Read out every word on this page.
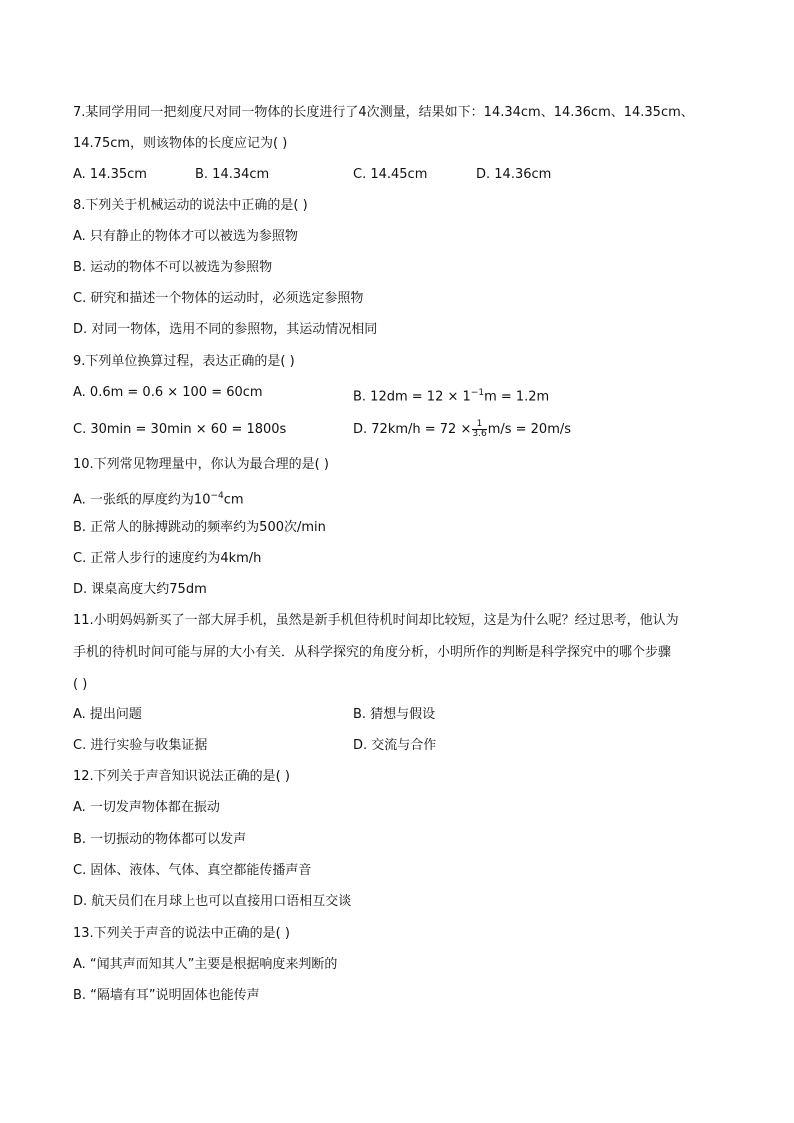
7.某同学用同一把刻度尺对同一物体的长度进行了4次测量，结果如下：14.34cm、14.36cm、14.35cm、
14.75cm，则该物体的长度应记为( )
A. 14.35cm	B. 14.34cm	C. 14.45cm	D. 14.36cm
8.下列关于机械运动的说法中正确的是( )
A. 只有静止的物体才可以被选为参照物
B. 运动的物体不可以被选为参照物
C. 研究和描述一个物体的运动时，必须选定参照物
D. 对同一物体，选用不同的参照物，其运动情况相同
9.下列单位换算过程，表达正确的是( )
A. 0.6m = 0.6 × 100 = 60cm	B. $12dm = 12 \times 1^{-1}m = 1.2m$
C. 30min = 30min × 60 = 1800s	D. $72km/h = 72 \times \frac{1}{3.6} m/s = 20m/s$
10.下列常见物理量中，你认为最合理的是( )
A. 一张纸的厚度约为$10^{-4}cm$
B. 正常人的脉搏跳动的频率约为500次/min
C. 正常人步行的速度约为4km/h
D. 课桌高度大约75dm
11.小明妈妈新买了一部大屏手机，虽然是新手机但待机时间却比较短，这是为什么呢？经过思考，他认为
手机的待机时间可能与屏的大小有关．从科学探究的角度分析，小明所作的判断是科学探究中的哪个步骤
( )
A. 提出问题	B. 猜想与假设
C. 进行实验与收集证据	D. 交流与合作
12.下列关于声音知识说法正确的是( )
A. 一切发声物体都在振动
B. 一切振动的物体都可以发声
C. 固体、液体、气体、真空都能传播声音
D. 航天员们在月球上也可以直接用口语相互交谈
13.下列关于声音的说法中正确的是( )
A. “闻其声而知其人”主要是根据响度来判断的
B. “隔墙有耳”说明固体也能传声
